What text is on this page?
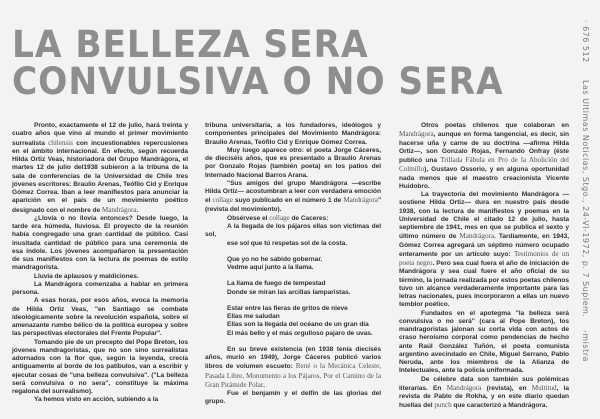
LA BELLEZA SERA
CONVULSIVA O NO SERA

Pronto, exactamente el 12 de julio, hará treinta y cuatro años que vino al mundo el primer movimiento surrealista chilensis con incuestionables repercusiones en el ámbito internacional. En efecto, según recuerda Hilda Ortiz Veas, historiadora del Grupo Mandrágora, el martes 12 de julio del1938 subieron a la tribuna de la sala de conferencias de la Universidad de Chile tres jóvenes escritores: Braulio Arenas, Teófilo Cid y Enrique Gómez Correa. Iban a leer manifiestos para anunciar la aparición en el país de un movimiento poético designado con el nombre de Mandrágora.

¿Llovía o no llovía entonces? Desde luego, la tarde era húmeda, lluviosa. El proyecto de la reunión había congregado una gran cantidad de público. Casi inusitada cantidad de público para una ceremonia de esa índole. Los jóvenes acompañaron la presentación de sus manifiestos con la lectura de poemas de estilo mandragorista.

Lluvia de aplausos y maldiciones.

La Mandrágora comenzaba a hablar en primera persona.

A esas horas, por esos años, evoca la memoria de Hilda Ortiz Veas, "en Santiago se combate ideológicamente sobre la revolución española, sobre el amenazante rumbo bélico de la política europea y sobre las perspectivas electorales del Frente Popular".

Tomando pie de un precepto del Pope Breton, los jóvenes mandragoristas, que no son sino surrealistas adornados con la flor que, según la leyenda, crecía antiguamente al borde de los patíbulos, van a escribir y ejecutar cosas de "una belleza convulsiva". ("La belleza será convulsiva o no sera", constituye la máxima regalona del surrealismo).

Ya hemos visto en acción, subiendo a la

tribuna universitaria, a los fundadores, ideólogos y componentes principales del Movimiento Mandrágora: Braulio Arenas, Teófilo Cid y Enrique Gómez Correa.

Muy luego aparece otro: el poeta Jorge Cáceres, de dieciséis años, que es presentado a Braulio Arenas por Gonzalo Rojas (también poeta) en los patios del Internado Nacional Barros Arana.

"Sus amigos del grupo Mandrágora —escribe Hilda Ortiz— acostumbran a leer con verdadera emoción el collage suyo publicado en el número 1 de Mandrágora" (revista del movimiento).

Obsérvese el collage de Caceres:

A la llegada de los pájaros ellas son víctimas del sol,

ese sol que tú respetas sol de la costa.

Que yo no he sabido gobernar.

Vedme aquí junto a la llama.

La llama de fuego de tempestad

Donde se miran las arcillas lamparistas.

Estar entre las fieras de gritos de nieve

Ellas me saludan

Ellas son la llegada del océano de un gran día

El más bello y el más orgulloso pajaro de uvas.

En su breve existencia (en 1938 tenía diecisés años, murió en 1949), Jorge Cáceres publicó varios libros de volumen escueto: René o la Mecánica Celeste, Pasada Libre, Monumento a los Pájaros, Por el Camino de la Gran Pirámide Polar.

Fue el benjamín y el delfín de las glorias del grupo.

Otros poetas chilenos que colaboran en Mandrágora, aunque en forma tangencial, es decir, sin hacerse uña y carne de su doctrina —afirma Hilda Ortiz—, son Gonzalo Rojas, Fernando Onfray (éste publicó una Trillada Fábula en Pro de la Abolición del Colmillo), Gustavo Ossorio, y en alguna oportunidad nada menos que el maestro creacionista Vicente Huidobro.

La trayectoria del movimiento Mandrágora —sostiene Hilda Ortiz— dura en nuestro país desde 1938, con la lectura de manifiestos y poemas en la Universidad de Chile el citado 12 de julio, hasta septiembre de 1941, mes en que se publica el sexto y último número de Mandrágora. Tardiamente, en 1943, Gómez Correa agregará un séptimo número ocupado enteramente por un artículo suyo: Testimonios de un poeta negro. Pero sea cual fuera el año de iniciación de Mandrágora y sea cual fuere el año oficial de su término, la jornada realizada por estos poetas chilenos tuvo un alcance verdaderamente importante para las letras nacionales, pues incorporaron a ellas un nuevo temblor poético.

Fundados en el apotegma "la belleza será convulsiva o no será" (cara al Pope Breton), los mandragoristas jalonan su corta vida con actos de craso heroísmo corporal como pendencias de hecho ante Raúl González Tuñón, el poeta comunista argentino avecindado en Chile, Miguel Serrano, Pablo Neruda, ante los miembros de la Alianza de Intelectuales, ante la policía uniformada.

De célebre data son también sus polémicas literarias. En Mandrágora (revista), en Multitud, la revista de Pablo de Rokha, y en este diario quedan huellas del punch que caracterizó a Mandrágora.

· 676 512 Las Ultimas Noticias, Stgo., 24-VI-1972, p. 7 Suplem. -mistra
